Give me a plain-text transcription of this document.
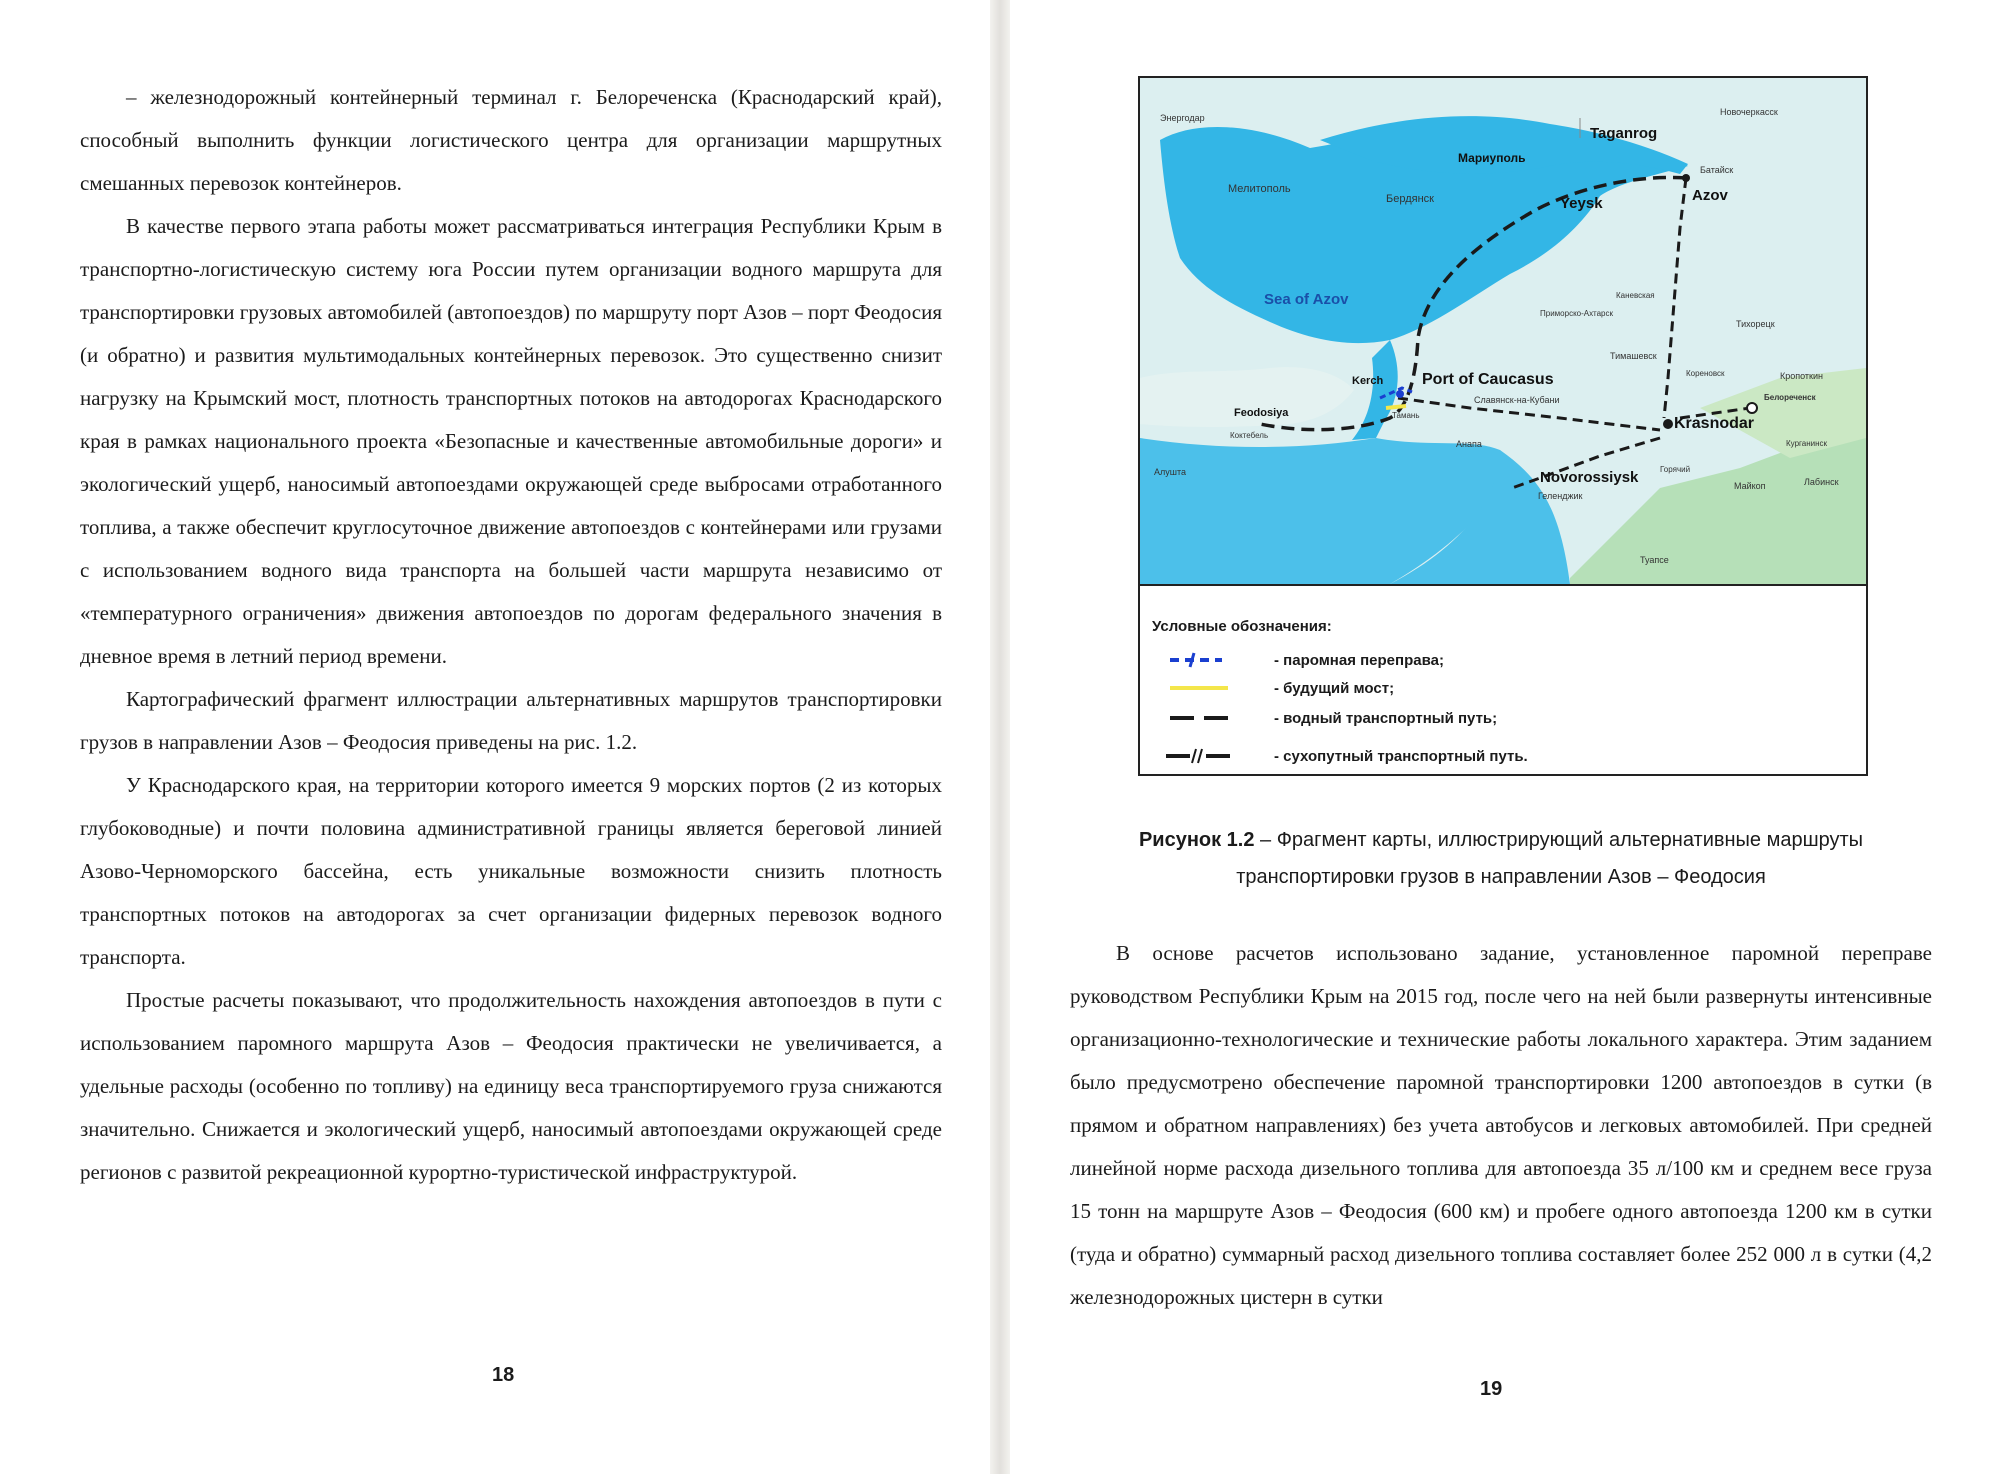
– железнодорожный контейнерный терминал г. Белореченска (Краснодарский край), способный выполнить функции логистического центра для организации маршрутных смешанных перевозок контейнеров.

В качестве первого этапа работы может рассматриваться интеграция Республики Крым в транспортно-логистическую систему юга России путем организации водного маршрута для транспортировки грузовых автомобилей (автопоездов) по маршруту порт Азов – порт Феодосия (и обратно) и развития мультимодальных контейнерных перевозок. Это существенно снизит нагрузку на Крымский мост, плотность транспортных потоков на автодорогах Краснодарского края в рамках национального проекта «Безопасные и качественные автомобильные дороги» и экологический ущерб, наносимый автопоездами окружающей среде выбросами отработанного топлива, а также обеспечит круглосуточное движение автопоездов с контейнерами или грузами с использованием водного вида транспорта на большей части маршрута независимо от «температурного ограничения» движения автопоездов по дорогам федерального значения в дневное время в летний период времени.

Картографический фрагмент иллюстрации альтернативных маршрутов транспортировки грузов в направлении Азов – Феодосия приведены на рис. 1.2.

У Краснодарского края, на территории которого имеется 9 морских портов (2 из которых глубоководные) и почти половина административной границы является береговой линией Азово-Черноморского бассейна, есть уникальные возможности снизить плотность транспортных потоков на автодорогах за счет организации фидерных перевозок водного транспорта.

Простые расчеты показывают, что продолжительность нахождения автопоездов в пути с использованием паромного маршрута Азов – Феодосия практически не увеличивается, а удельные расходы (особенно по топливу) на единицу веса транспортируемого груза снижаются значительно. Снижается и экологический ущерб, наносимый автопоездами окружающей среде регионов с развитой рекреационной курортно-туристической инфраструктурой.

18
Taganrog
Новочеркасск
Мариуполь
Батайск
Azov
Мелитополь
Бердянск	Yeysk
Sea of Azov
Тихорецк
Тимашевск
Приморско-Ахтарск
Каневская
Port of Caucasus
Kerch
Кореновск	Кропоткин
Славянск-на-Кубани
Feodosiya
Krasnodar
Белореченск
Тамань
Анапа
Novorossiysk
Курганинск
Алушта
Геленджик
Горячий
Майкоп	Лабинск
Туапсе
Энергодар
Коктебель
Условные обозначения:
- паромная переправа;
- будущий мост;
- водный транспортный путь;
- сухопутный транспортный путь.
Рисунок 1.2 – Фрагмент карты, иллюстрирующий альтернативные маршруты транспортировки грузов в направлении Азов – Феодосия

В основе расчетов использовано задание, установленное паромной переправе руководством Республики Крым на 2015 год, после чего на ней были развернуты интенсивные организационно-технологические и технические работы локального характера. Этим заданием было предусмотрено обеспечение паромной транспортировки 1200 автопоездов в сутки (в прямом и обратном направлениях) без учета автобусов и легковых автомобилей. При средней линейной норме расхода дизельного топлива для автопоезда 35 л/100 км и среднем весе груза 15 тонн на маршруте Азов – Феодосия (600 км) и пробеге одного автопоезда 1200 км в сутки (туда и обратно) суммарный расход дизельного топлива составляет более 252 000 л в сутки (4,2 железнодорожных цистерн в сутки

19
